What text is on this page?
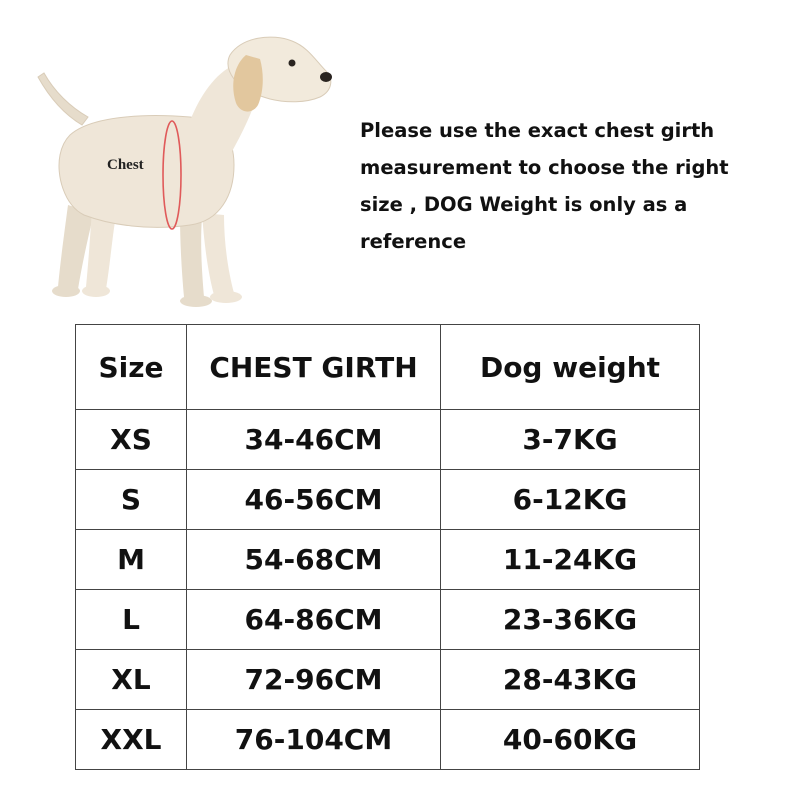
Chest
Please use the exact chest girth measurement to choose the right size , DOG Weight is only as a reference
Size	CHEST GIRTH	Dog weight
XS	34-46CM	3-7KG
S	46-56CM	6-12KG
M	54-68CM	11-24KG
L	64-86CM	23-36KG
XL	72-96CM	28-43KG
XXL	76-104CM	40-60KG
